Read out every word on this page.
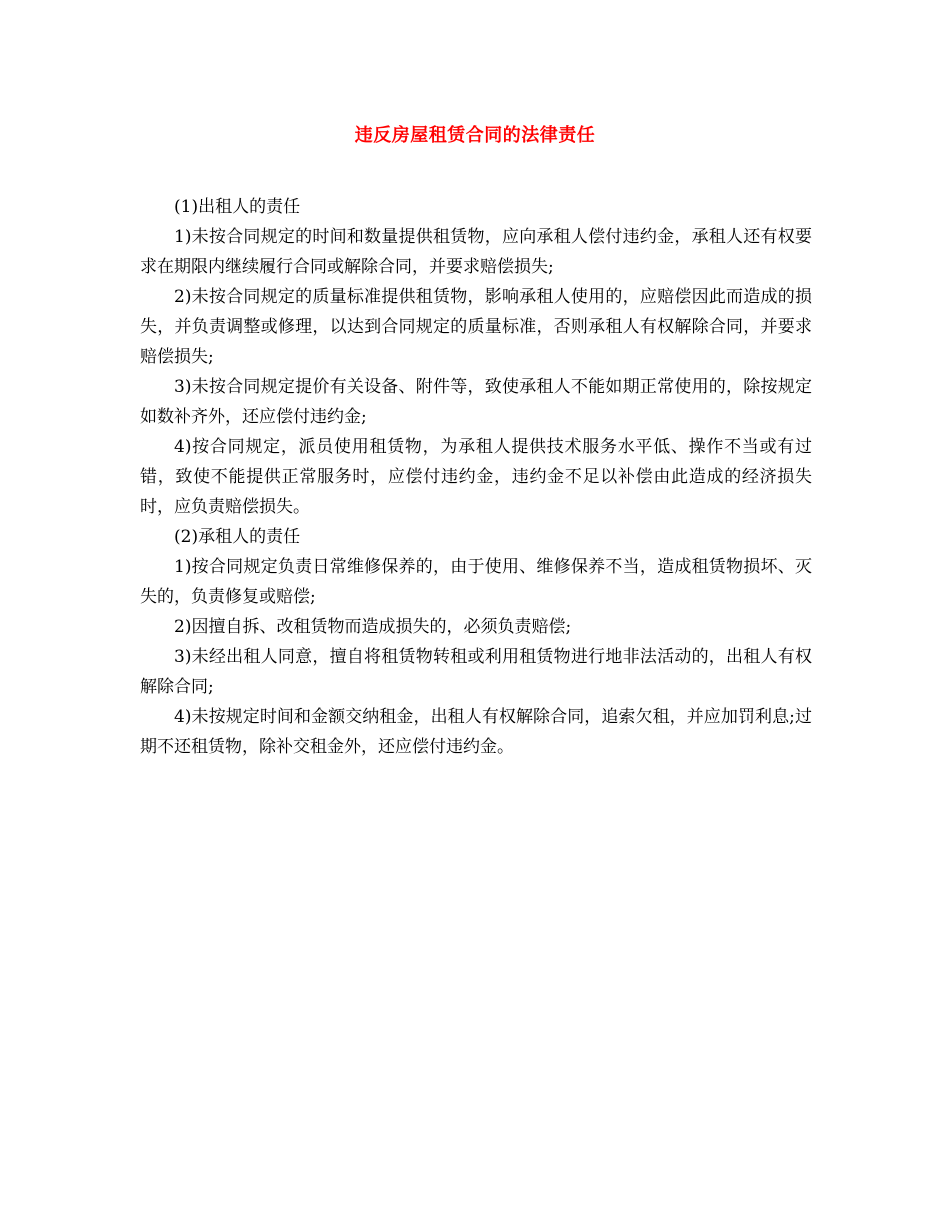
违反房屋租赁合同的法律责任

(1)出租人的责任

1)未按合同规定的时间和数量提供租赁物，应向承租人偿付违约金，承租人还有权要求在期限内继续履行合同或解除合同，并要求赔偿损失;

2)未按合同规定的质量标准提供租赁物，影响承租人使用的，应赔偿因此而造成的损失，并负责调整或修理，以达到合同规定的质量标准，否则承租人有权解除合同，并要求赔偿损失;

3)未按合同规定提价有关设备、附件等，致使承租人不能如期正常使用的，除按规定如数补齐外，还应偿付违约金;

4)按合同规定，派员使用租赁物，为承租人提供技术服务水平低、操作不当或有过错，致使不能提供正常服务时，应偿付违约金，违约金不足以补偿由此造成的经济损失时，应负责赔偿损失。

(2)承租人的责任

1)按合同规定负责日常维修保养的，由于使用、维修保养不当，造成租赁物损坏、灭失的，负责修复或赔偿;

2)因擅自拆、改租赁物而造成损失的，必须负责赔偿;

3)未经出租人同意，擅自将租赁物转租或利用租赁物进行地非法活动的，出租人有权解除合同;

4)未按规定时间和金额交纳租金，出租人有权解除合同，追索欠租，并应加罚利息;过期不还租赁物，除补交租金外，还应偿付违约金。
